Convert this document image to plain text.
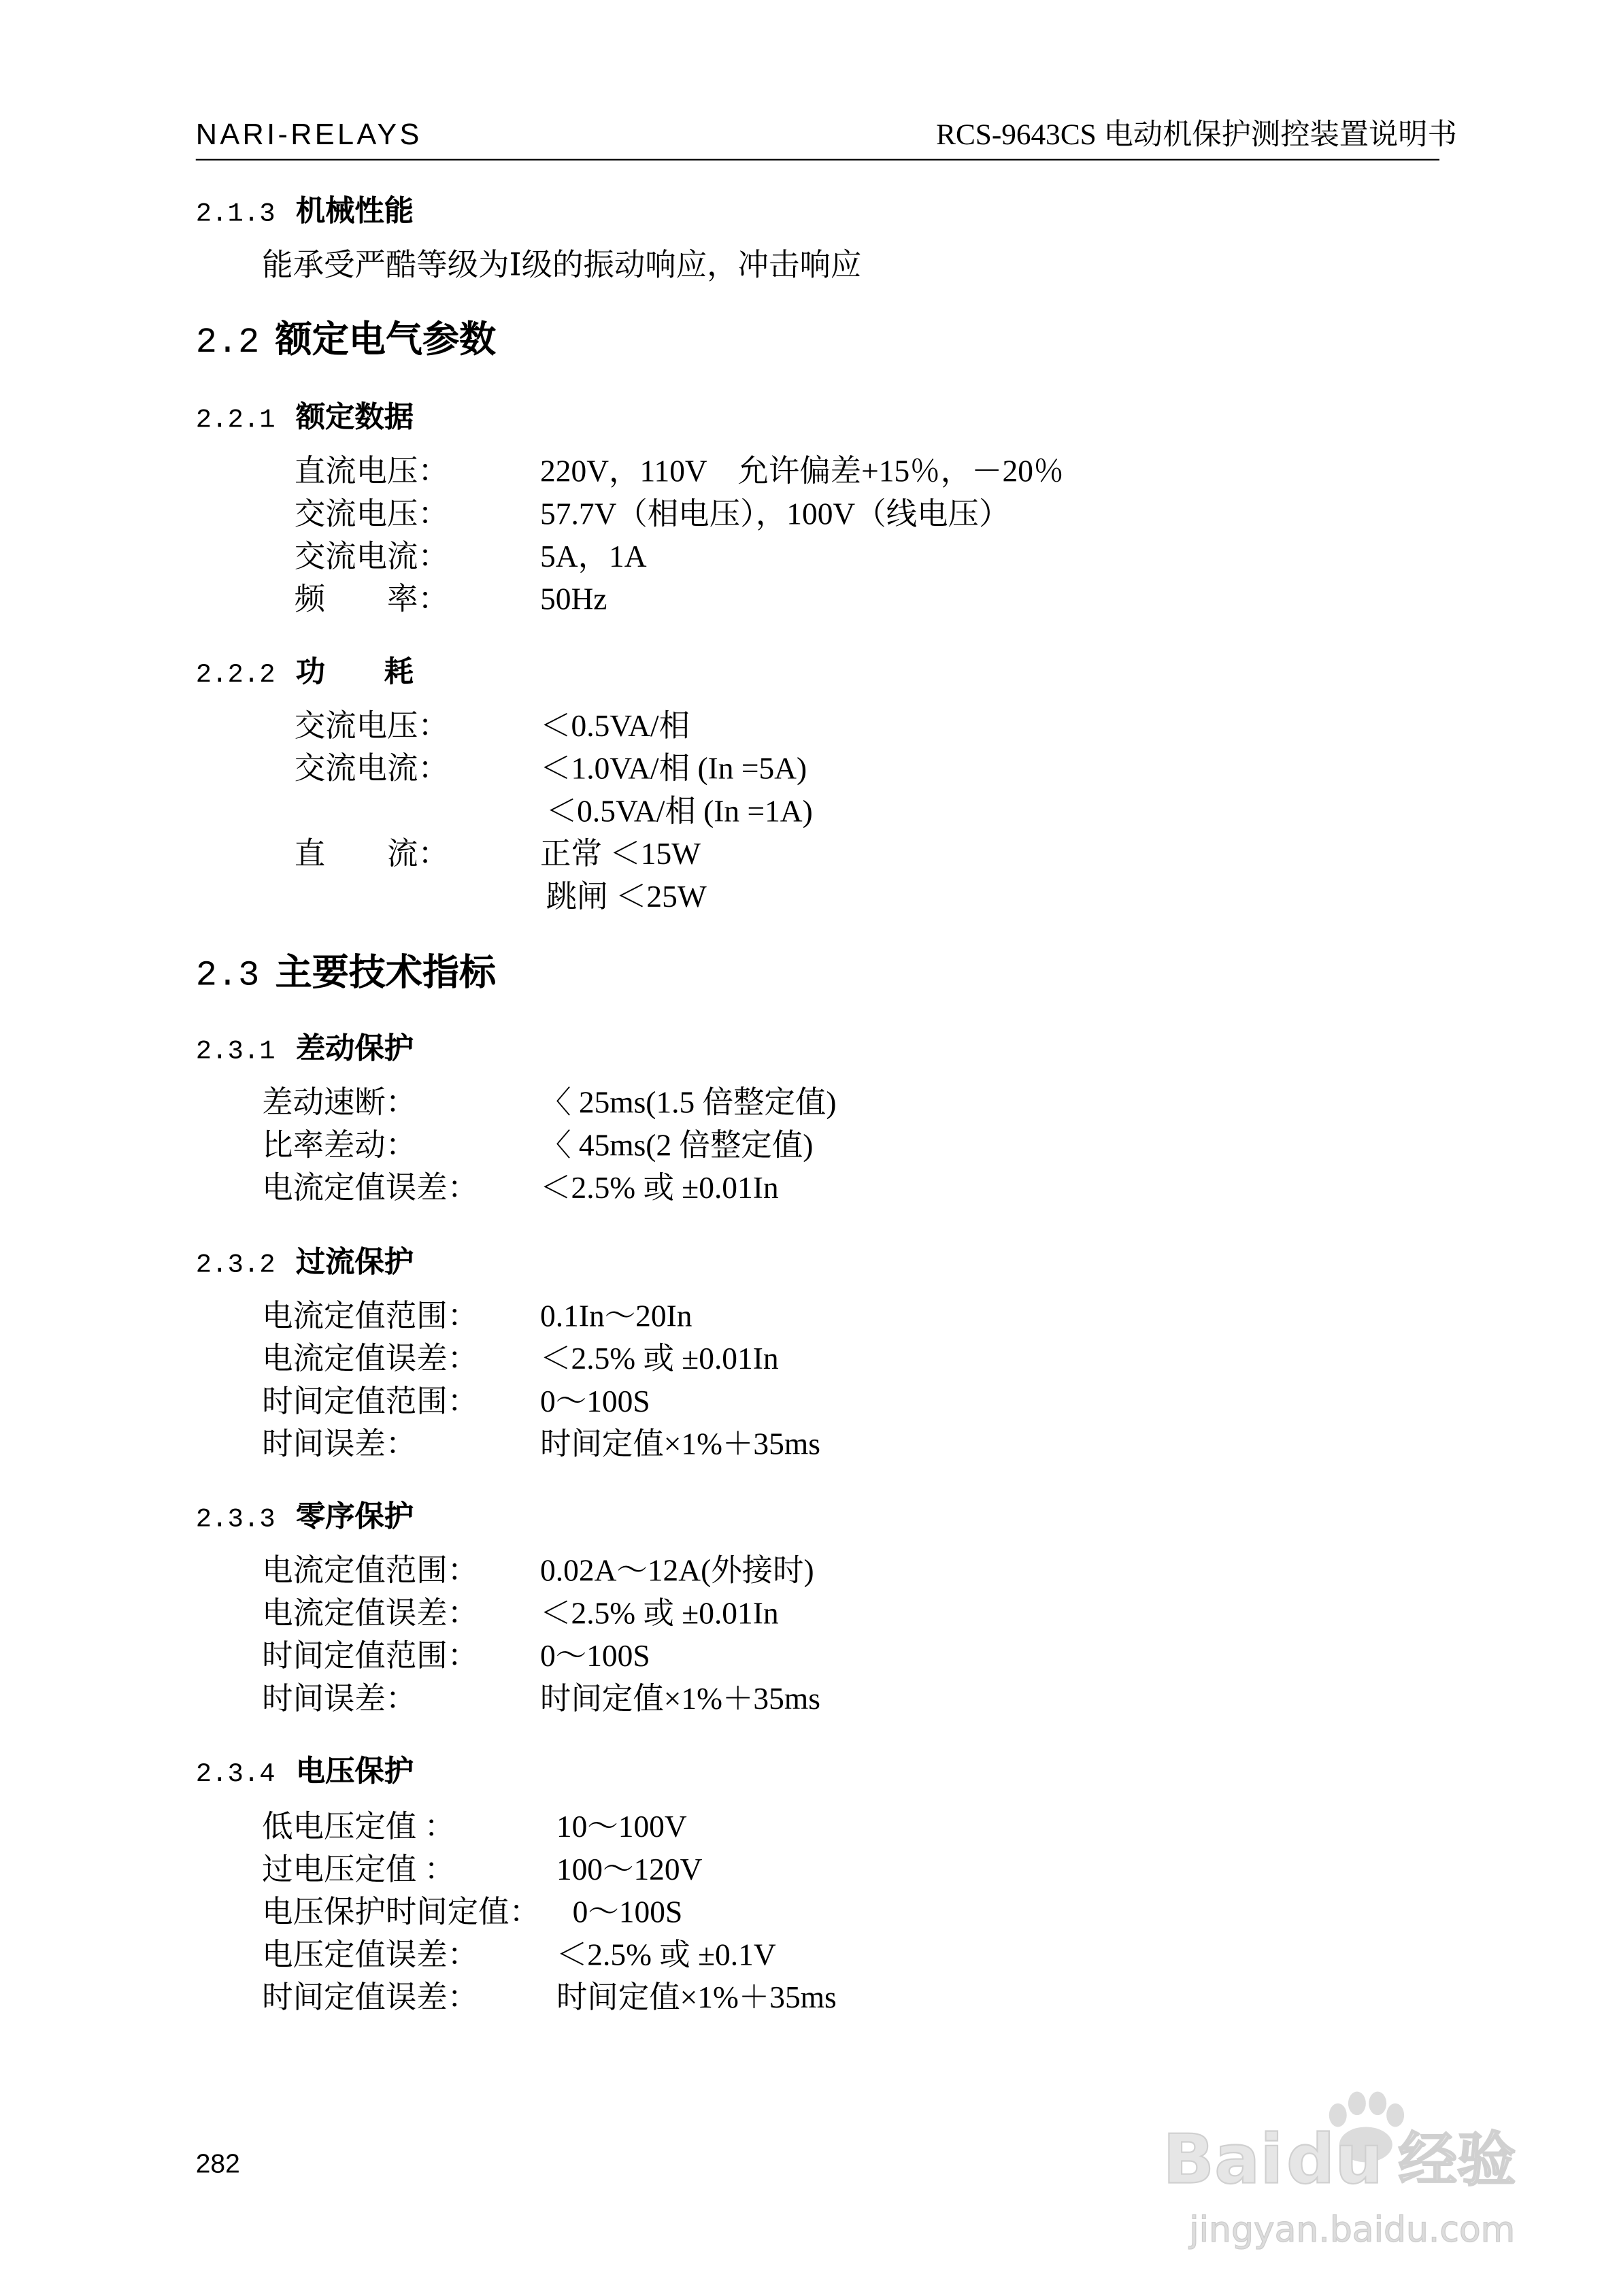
NARI-RELAYS	RCS-9643CS 电动机保护测控装置说明书
2.1.3 机械性能
能承受严酷等级为Ⅰ级的振动响应，冲击响应
2.2 额定电气参数
2.2.1 额定数据
直流电压：	220V，110V　允许偏差+15％，－20％
交流电压：	57.7V（相电压），100V（线电压）
交流电流：	5A，1A
频　　率：	50Hz
2.2.2 功　　耗
交流电压：	＜0.5VA/相
交流电流：	＜1.0VA/相 (In =5A)
＜0.5VA/相 (In =1A)
直　　流：	正常 ＜15W
跳闸 ＜25W
2.3 主要技术指标
2.3.1 差动保护
差动速断：	〈 25ms(1.5 倍整定值)
比率差动：	〈 45ms(2 倍整定值)
电流定值误差：	＜2.5% 或 ±0.01In
2.3.2 过流保护
电流定值范围：	0.1In～20In
电流定值误差：	＜2.5% 或 ±0.01In
时间定值范围：	0～100S
时间误差：	时间定值×1%＋35ms
2.3.3 零序保护
电流定值范围：	0.02A～12A(外接时)
电流定值误差：	＜2.5% 或 ±0.01In
时间定值范围：	0～100S
时间误差：	时间定值×1%＋35ms
2.3.4 电压保护
低电压定值 ：	10～100V
过电压定值 ：	100～120V
电压保护时间定值： 0～100S
电压定值误差：	＜2.5% 或 ±0.1V
时间定值误差：	时间定值×1%＋35ms
282	Bai du 经验
jingyan.baidu.com
